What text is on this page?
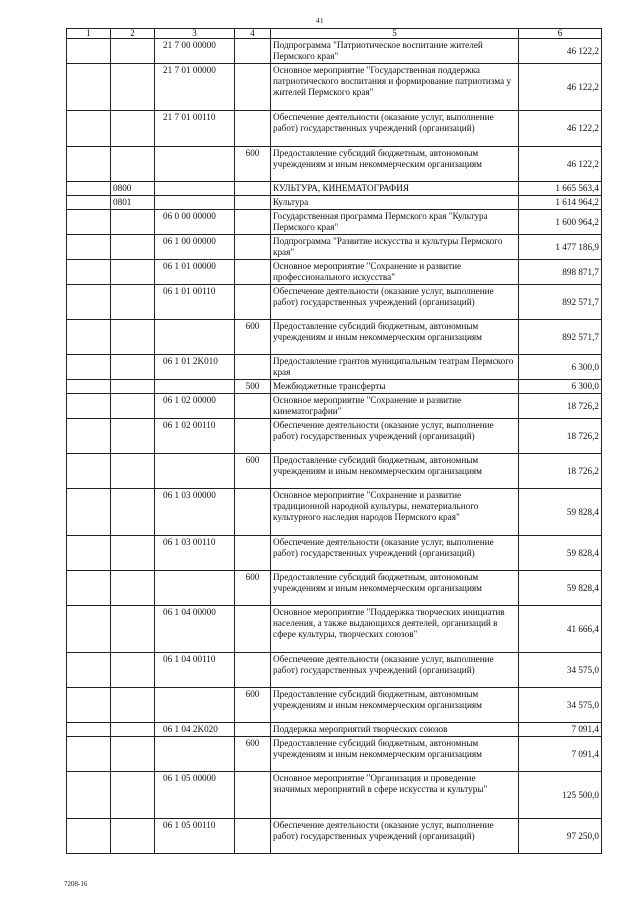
41
1	2	3	4	5	6
		21 7 00 00000		Подпрограмма "Патриотическое воспитание жителей Пермского края"	46 122,2
		21 7 01 00000		Основное мероприятие "Государственная поддержка патриотического воспитания и формирование патриотизма у жителей Пермского края"	46 122,2
		21 7 01 00110		Обеспечение деятельности (оказание услуг, выполнение работ) государственных учреждений (организаций)	46 122,2
			600	Предоставление субсидий бюджетным, автономным учреждениям и иным некоммерческим организациям	46 122,2
	0800			КУЛЬТУРА, КИНЕМАТОГРАФИЯ	1 665 563,4
	0801			Культура	1 614 964,2
		06 0 00 00000		Государственная программа Пермского края "Культура Пермского края"	1 600 964,2
		06 1 00 00000		Подпрограмма "Развитие искусства и культуры Пермского края"	1 477 186,9
		06 1 01 00000		Основное мероприятие "Сохранение и развитие профессионального искусства"	898 871,7
		06 1 01 00110		Обеспечение деятельности (оказание услуг, выполнение работ) государственных учреждений (организаций)	892 571,7
			600	Предоставление субсидий бюджетным, автономным учреждениям и иным некоммерческим организациям	892 571,7
		06 1 01 2K010		Предоставление грантов муниципальным театрам Пермского края	6 300,0
			500	Межбюджетные трансферты	6 300,0
		06 1 02 00000		Основное мероприятие "Сохранение и развитие кинематографии"	18 726,2
		06 1 02 00110		Обеспечение деятельности (оказание услуг, выполнение работ) государственных учреждений (организаций)	18 726,2
			600	Предоставление субсидий бюджетным, автономным учреждениям и иным некоммерческим организациям	18 726,2
		06 1 03 00000		Основное мероприятие "Сохранение и развитие традиционной народной культуры, нематериального культурного наследия народов Пермского края"	59 828,4
		06 1 03 00110		Обеспечение деятельности (оказание услуг, выполнение работ) государственных учреждений (организаций)	59 828,4
			600	Предоставление субсидий бюджетным, автономным учреждениям и иным некоммерческим организациям	59 828,4
		06 1 04 00000		Основное мероприятие "Поддержка творческих инициатив населения, а также выдающихся деятелей, организаций в сфере культуры, творческих союзов"	41 666,4
		06 1 04 00110		Обеспечение деятельности (оказание услуг, выполнение работ) государственных учреждений (организаций)	34 575,0
			600	Предоставление субсидий бюджетным, автономным учреждениям и иным некоммерческим организациям	34 575,0
		06 1 04 2K020		Поддержка мероприятий творческих союзов	7 091,4
			600	Предоставление субсидий бюджетным, автономным учреждениям и иным некоммерческим организациям	7 091,4
		06 1 05 00000		Основное мероприятие "Организация и проведение значимых мероприятий в сфере искусства и культуры"	125 500,0
		06 1 05 00110		Обеспечение деятельности (оказание услуг, выполнение работ) государственных учреждений (организаций)	97 250,0
7208-16
